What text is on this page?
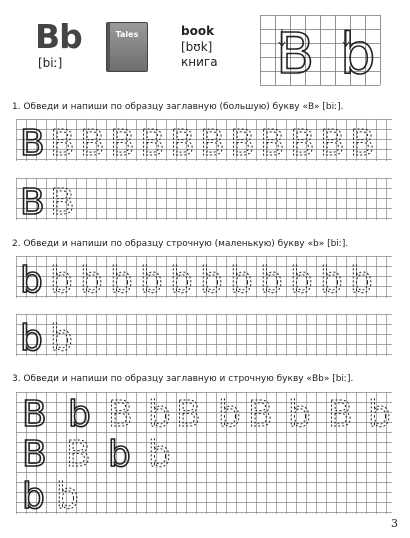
Bb
[biː]
Tales	book
[bʊk]
книга B b
1. Обведи и напиши по образцу заглавную (большую) букву «B» [biː].
B B B B B B B B B B B B
B B
2. Обведи и напиши по образцу строчную (маленькую) букву «b» [biː].
b b b b b b b b b b b b
b b
3. Обведи и напиши по образцу заглавную и строчную букву «Bb» [biː].
B b B b B b B b B b
B B b b
b b
3
